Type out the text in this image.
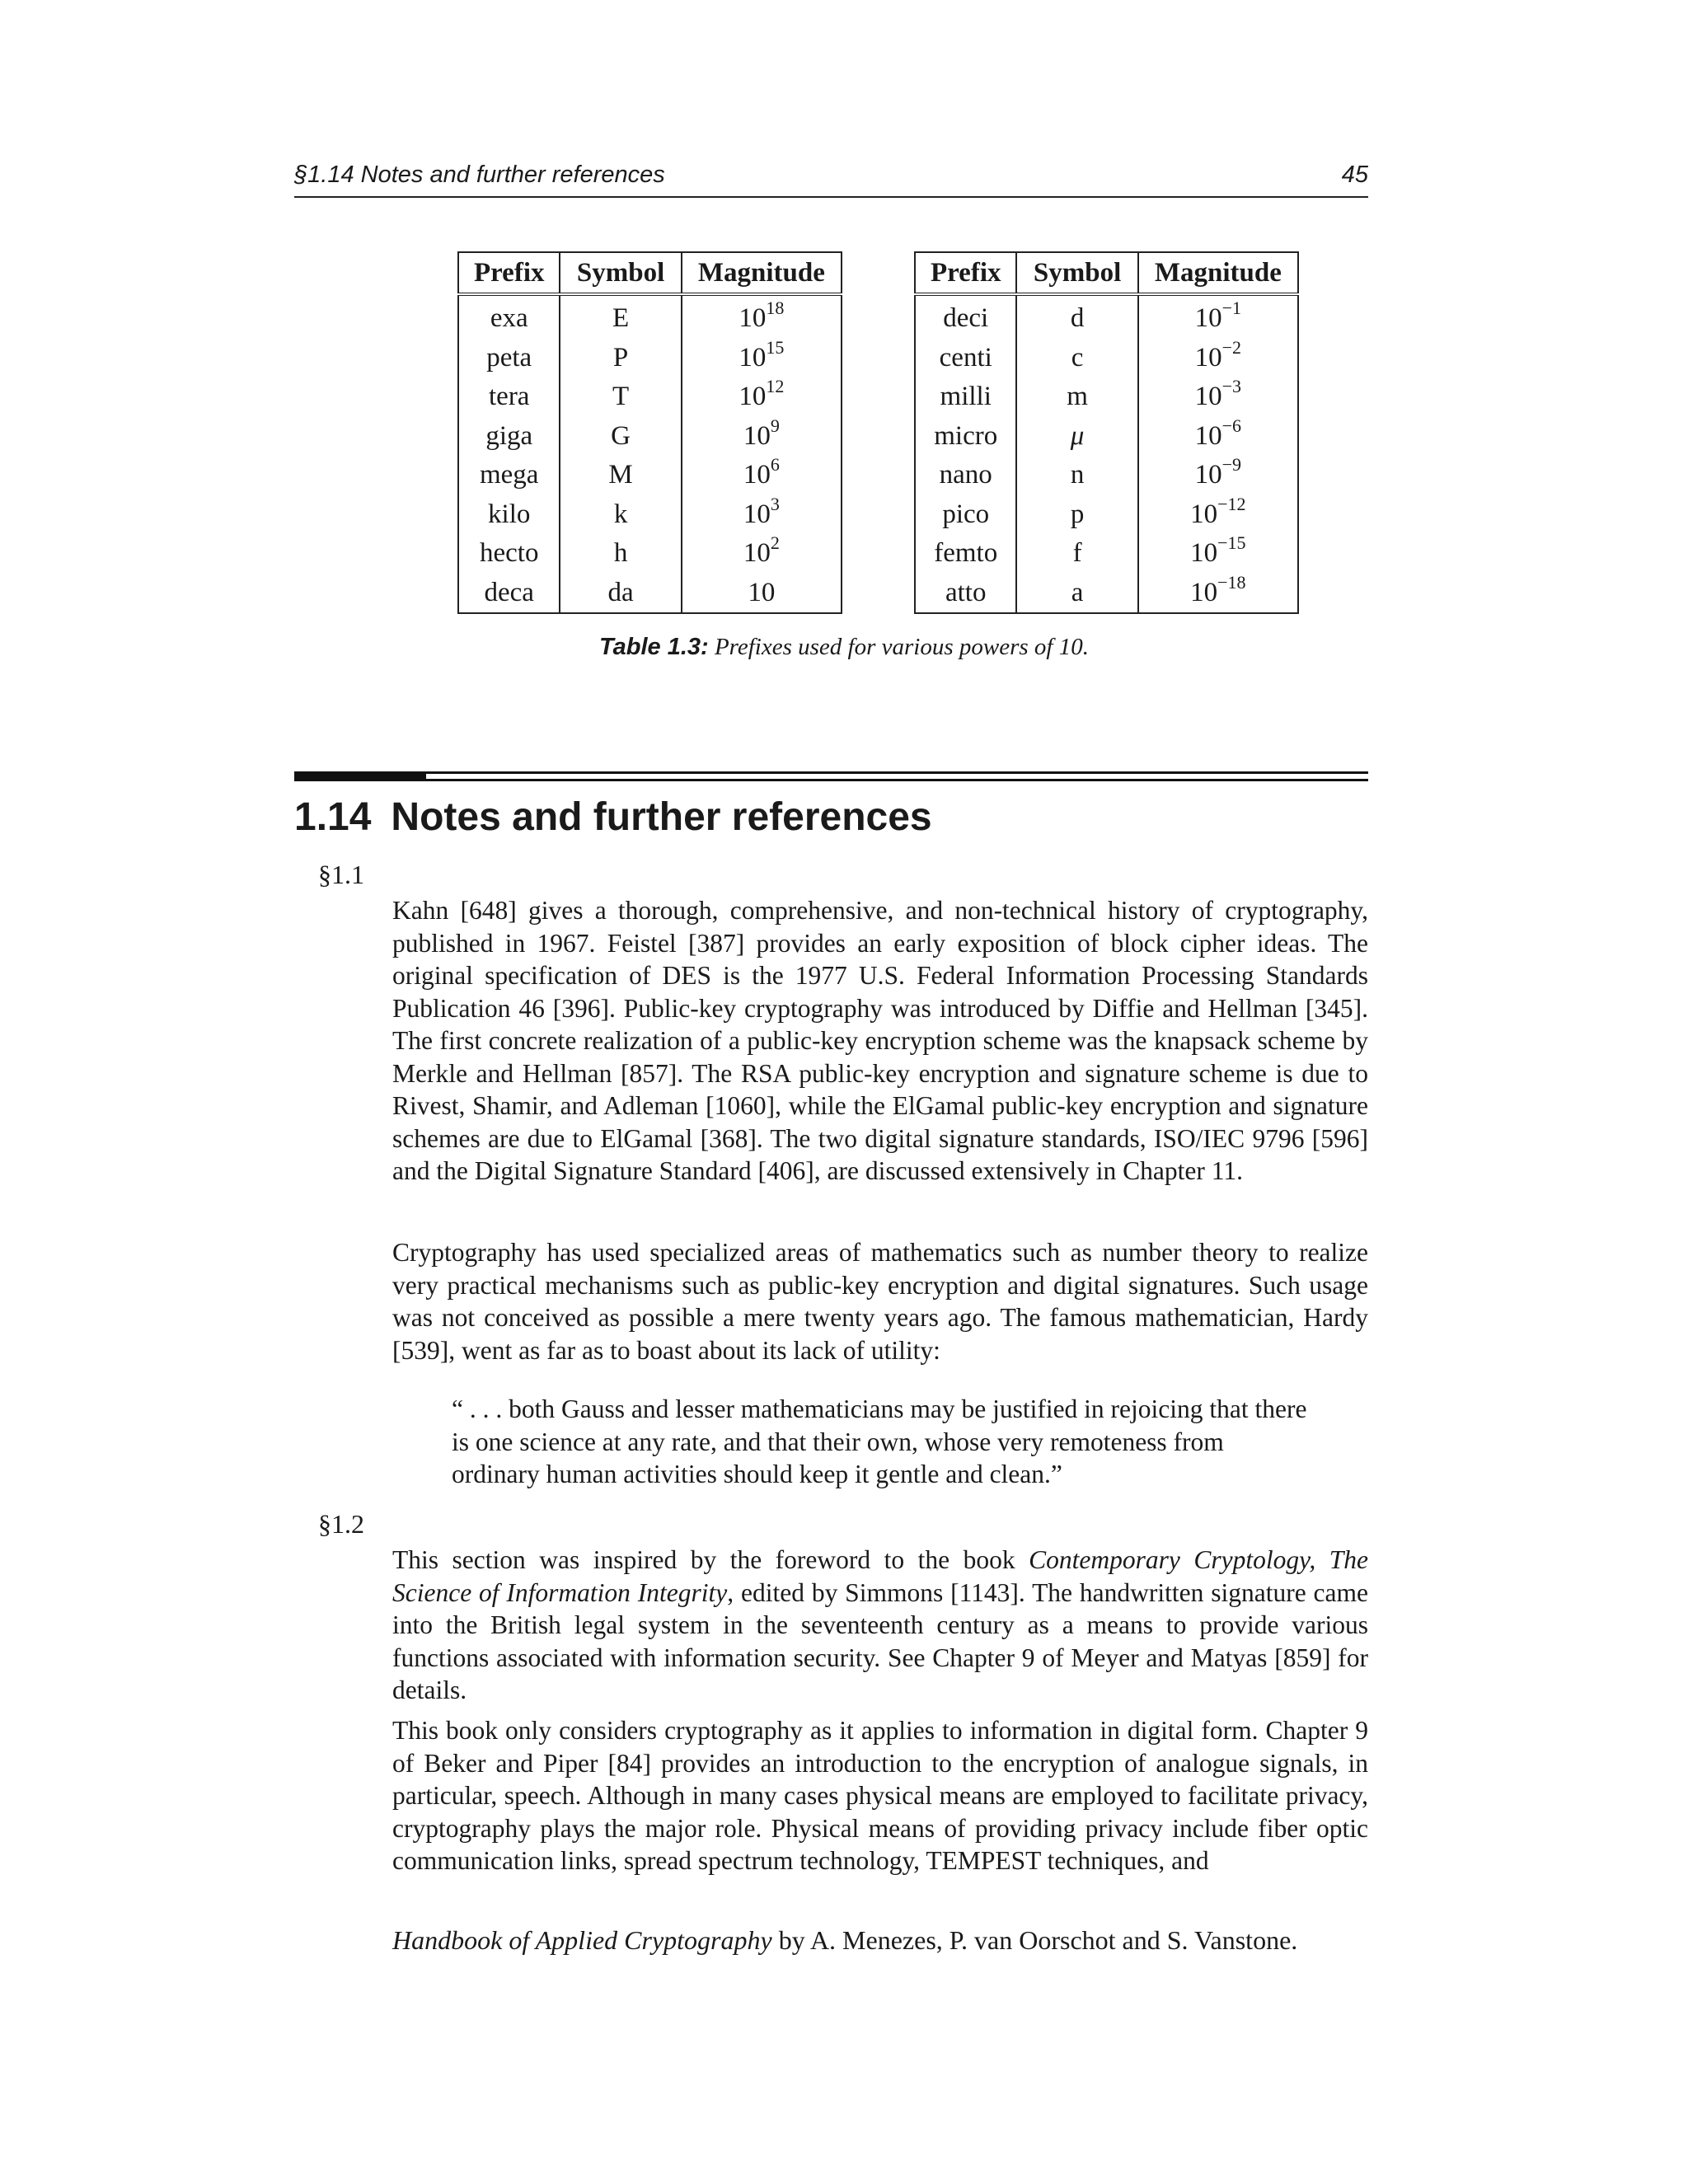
§1.14 Notes and further references	45
Prefix	Symbol	Magnitude
exa	E	$10^{18}$
peta	P	$10^{15}$
tera	T	$10^{12}$
giga	G	$10^9$
mega	M	$10^6$
kilo	k	$10^3$
hecto	h	$10^2$
deca	da	10
Prefix	Symbol	Magnitude
deci	d	$10^{-1}$
centi	c	$10^{-2}$
milli	m	$10^{-3}$
micro	μ	$10^{-6}$
nano	n	$10^{-9}$
pico	p	$10^{-12}$
femto	f	$10^{-15}$
atto	a	$10^{-18}$
Table 1.3: Prefixes used for various powers of 10.
1.14 Notes and further references
§1.1

Kahn [648] gives a thorough, comprehensive, and non-technical history of cryptography, published in 1967. Feistel [387] provides an early exposition of block cipher ideas. The original specification of DES is the 1977 U.S. Federal Information Processing Standards Publication 46 [396]. Public-key cryptography was introduced by Diffie and Hellman [345]. The first concrete realization of a public-key encryption scheme was the knapsack scheme by Merkle and Hellman [857]. The RSA public-key encryption and signature scheme is due to Rivest, Shamir, and Adleman [1060], while the ElGamal public-key encryption and signature schemes are due to ElGamal [368]. The two digital signature standards, ISO/IEC 9796 [596] and the Digital Signature Standard [406], are discussed extensively in Chapter 11.

Cryptography has used specialized areas of mathematics such as number theory to realize very practical mechanisms such as public-key encryption and digital signatures. Such usage was not conceived as possible a mere twenty years ago. The famous mathematician, Hardy [539], went as far as to boast about its lack of utility:

“ . . . both Gauss and lesser mathematicians may be justified in rejoicing that there is one science at any rate, and that their own, whose very remoteness from ordinary human activities should keep it gentle and clean.”

§1.2

This section was inspired by the foreword to the book Contemporary Cryptology, The Science of Information Integrity, edited by Simmons [1143]. The handwritten signature came into the British legal system in the seventeenth century as a means to provide various functions associated with information security. See Chapter 9 of Meyer and Matyas [859] for details.

This book only considers cryptography as it applies to information in digital form. Chapter 9 of Beker and Piper [84] provides an introduction to the encryption of analogue signals, in particular, speech. Although in many cases physical means are employed to facilitate privacy, cryptography plays the major role. Physical means of providing privacy include fiber optic communication links, spread spectrum technology, TEMPEST techniques, and

Handbook of Applied Cryptography by A. Menezes, P. van Oorschot and S. Vanstone.
